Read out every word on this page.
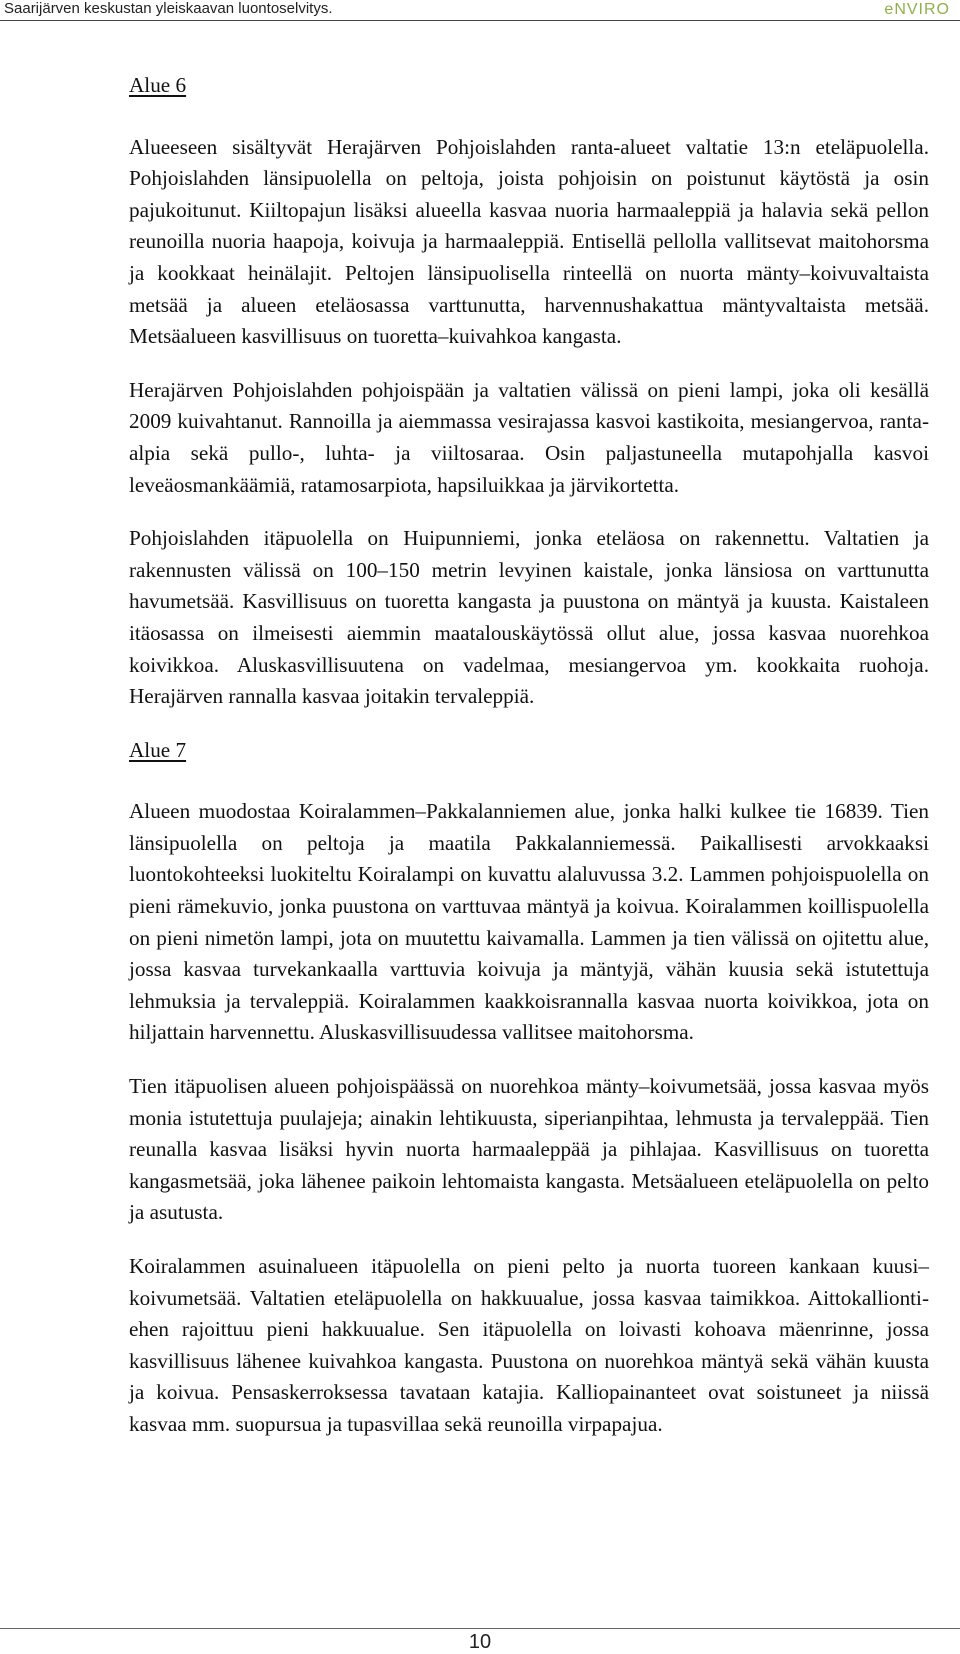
Saarijärven keskustan yleiskaavan luontoselvitys.	eNVIRO
Alue 6

Alueeseen sisältyvät Herajärven Pohjoislahden ranta-alueet valtatie 13:n eteläpuolella. Pohjoislahden länsipuolella on peltoja, joista pohjoisin on poistunut käytöstä ja osin pajukoitunut. Kiiltopajun lisäksi alueella kasvaa nuoria harmaaleppiä ja halavia sekä pellon reunoilla nuoria haapoja, koivuja ja harmaaleppiä. Entisellä pellolla vallitsevat maitohorsma ja kookkaat heinälajit. Peltojen länsipuolisella rinteellä on nuorta mänty–koivuvaltaista metsää ja alueen eteläosassa varttunutta, harvennushakattua mäntyvaltaista metsää. Metsäalueen kasvillisuus on tuoretta–kuivahkoa kangasta.

Herajärven Pohjoislahden pohjoispään ja valtatien välissä on pieni lampi, joka oli kesällä 2009 kuivahtanut. Rannoilla ja aiemmassa vesirajassa kasvoi kastikoita, mesiangervoa, ranta-alpia sekä pullo-, luhta- ja viiltosaraa. Osin paljastuneella mutapohjalla kasvoi leveäosmankäämiä, ratamosarpiota, hapsiluikkaa ja järvikortetta.

Pohjoislahden itäpuolella on Huipunniemi, jonka eteläosa on rakennettu. Valtatien ja rakennusten välissä on 100–150 metrin levyinen kaistale, jonka länsiosa on varttunutta havumetsää. Kasvillisuus on tuoretta kangasta ja puustona on mäntyä ja kuusta. Kaistaleen itäosassa on ilmeisesti aiemmin maatalouskäytössä ollut alue, jossa kasvaa nuorehkoa koivikkoa. Aluskasvillisuutena on vadelmaa, mesiangervoa ym. kookkaita ruohoja. Herajärven rannalla kasvaa joitakin tervaleppiä.

Alue 7

Alueen muodostaa Koiralammen–Pakkalanniemen alue, jonka halki kulkee tie 16839. Tien länsipuolella on peltoja ja maatila Pakkalanniemessä. Paikallisesti arvokkaaksi luontokohteeksi luokiteltu Koiralampi on kuvattu alaluvussa 3.2. Lammen pohjoispuolella on pieni rämekuvio, jonka puustona on varttuvaa mäntyä ja koivua. Koiralammen koillispuolella on pieni nimetön lampi, jota on muutettu kaivamalla. Lammen ja tien välissä on ojitettu alue, jossa kasvaa turvekankaalla varttuvia koivuja ja mäntyjä, vähän kuusia sekä istutettuja lehmuksia ja tervaleppiä. Koiralammen kaakkoisrannalla kasvaa nuorta koivikkoa, jota on hiljattain harvennettu. Aluskasvillisuudessa vallitsee maitohorsma.

Tien itäpuolisen alueen pohjoispäässä on nuorehkoa mänty–koivumetsää, jossa kasvaa myös monia istutettuja puulajeja; ainakin lehtikuusta, siperianpihtaa, lehmusta ja tervaleppää. Tien reunalla kasvaa lisäksi hyvin nuorta harmaaleppää ja pihlajaa. Kasvillisuus on tuoretta kangasmetsää, joka lähenee paikoin lehtomaista kangasta. Metsäalueen eteläpuolella on pelto ja asutusta.

Koiralammen asuinalueen itäpuolella on pieni pelto ja nuorta tuoreen kankaan kuusi–koivumetsää. Valtatien eteläpuolella on hakkuualue, jossa kasvaa taimikkoa. Aittokalliontiehen rajoittuu pieni hakkuualue. Sen itäpuolella on loivasti kohoava mäenrinne, jossa kasvillisuus lähenee kuivahkoa kangasta. Puustona on nuorehkoa mäntyä sekä vähän kuusta ja koivua. Pensaskerroksessa tavataan katajia. Kalliopainanteet ovat soistuneet ja niissä kasvaa mm. suopursua ja tupasvillaa sekä reunoilla virpapajua.

10
